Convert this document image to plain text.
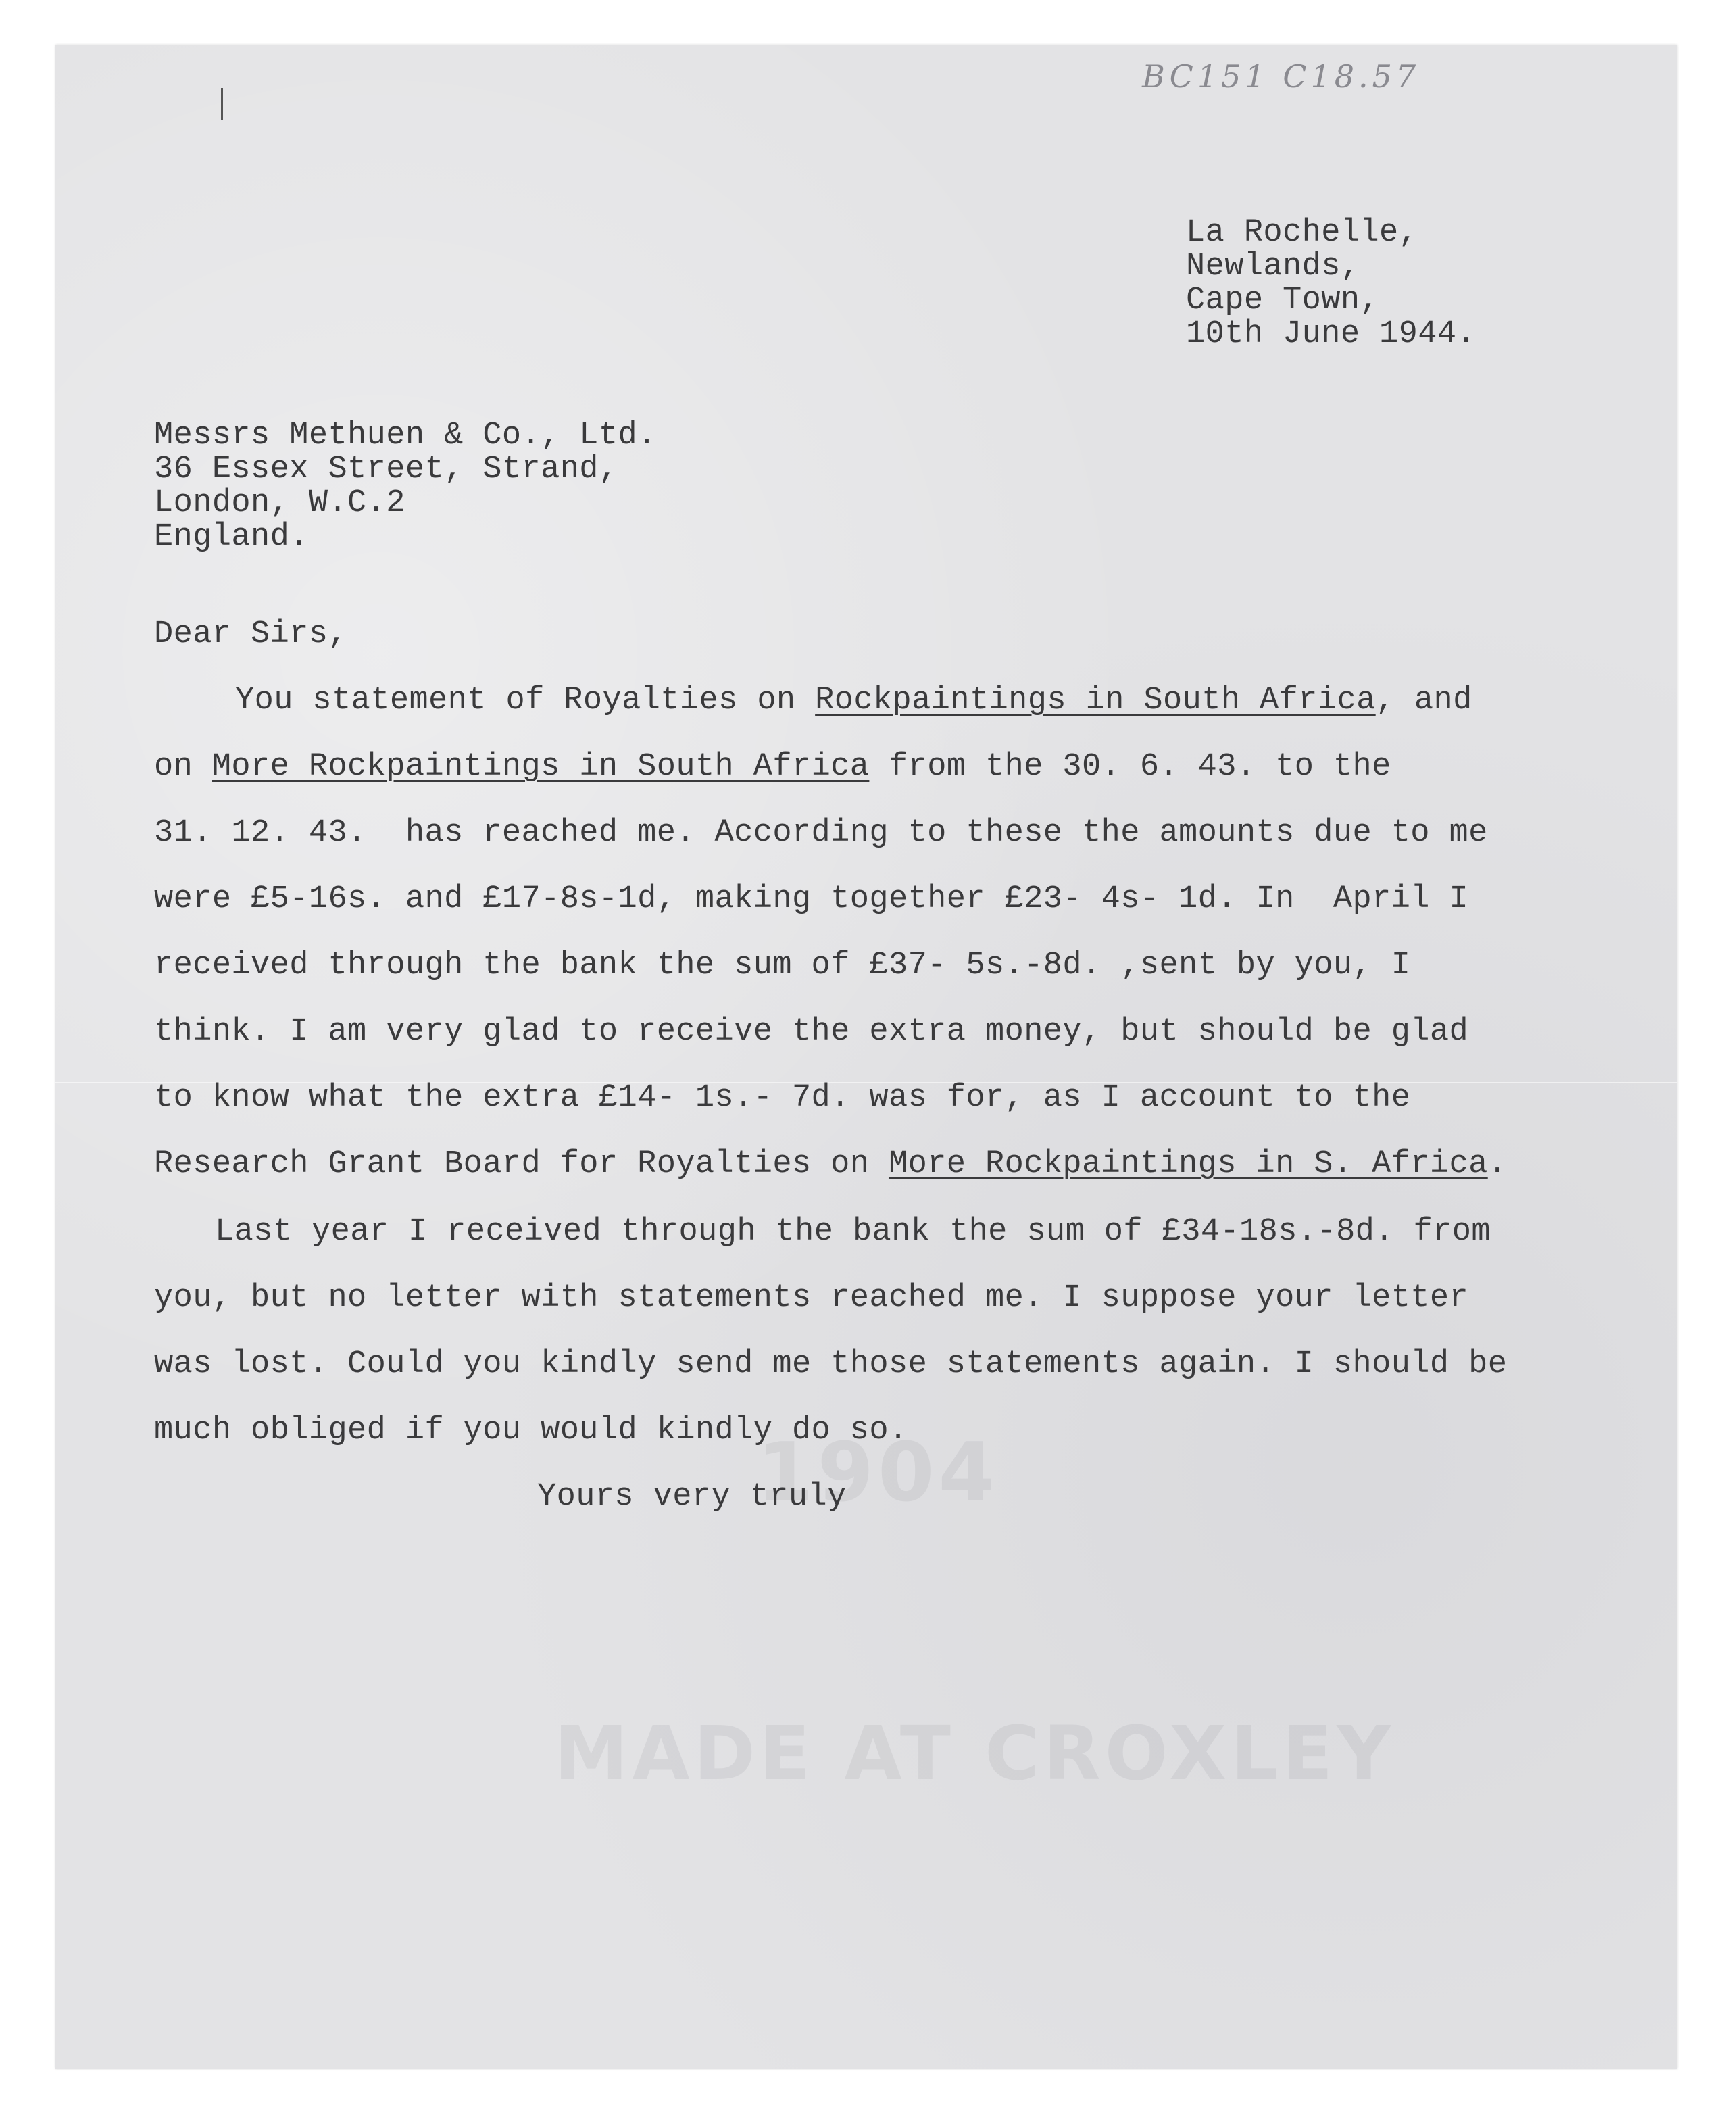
BC151 C18.57
1904
MADE AT CROXLEY
La Rochelle,
Newlands,
Cape Town,
10th June 1944.
Messrs Methuen & Co., Ltd.
36 Essex Street, Strand,
London, W.C.2
England.
Dear Sirs,
You statement of Royalties on Rockpaintings in South Africa, and
on More Rockpaintings in South Africa from the 30. 6. 43. to the
31. 12. 43.  has reached me. According to these the amounts due to me
were £5-16s. and £17-8s-1d, making together £23- 4s- 1d. In  April I
received through the bank the sum of £37- 5s.-8d. ,sent by you, I
think. I am very glad to receive the extra money, but should be glad
to know what the extra £14- 1s.- 7d. was for, as I account to the
Research Grant Board for Royalties on More Rockpaintings in S. Africa.
Last year I received through the bank the sum of £34-18s.-8d. from
you, but no letter with statements reached me. I suppose your letter
was lost. Could you kindly send me those statements again. I should be
much obliged if you would kindly do so.
Yours very truly
